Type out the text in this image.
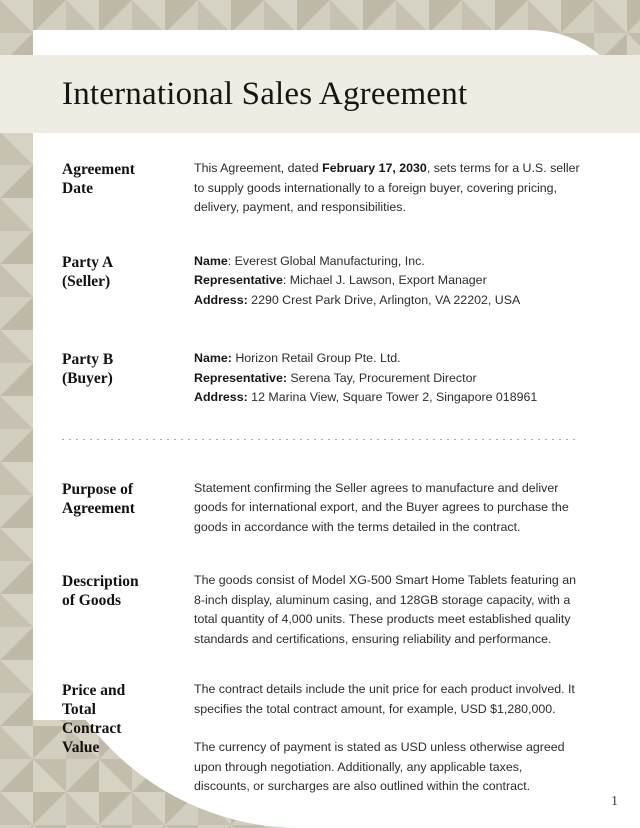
International Sales Agreement
Agreement
Date

This Agreement, dated February 17, 2030, sets terms for a U.S. seller to supply goods internationally to a foreign buyer, covering pricing, delivery, payment, and responsibilities.

Party A
(Seller)
Name: Everest Global Manufacturing, Inc.
Representative: Michael J. Lawson, Export Manager
Address: 2290 Crest Park Drive, Arlington, VA 22202, USA
Party B
(Buyer)
Name: Horizon Retail Group Pte. Ltd.
Representative: Serena Tay, Procurement Director
Address: 12 Marina View, Square Tower 2, Singapore 018961
Purpose of
Agreement

Statement confirming the Seller agrees to manufacture and deliver goods for international export, and the Buyer agrees to purchase the goods in accordance with the terms detailed in the contract.

Description
of Goods

The goods consist of Model XG-500 Smart Home Tablets featuring an 8-inch display, aluminum casing, and 128GB storage capacity, with a total quantity of 4,000 units. These products meet established quality standards and certifications, ensuring reliability and performance.

Price and
Total
Contract
Value

The contract details include the unit price for each product involved. It specifies the total contract amount, for example, USD $1,280,000.

The currency of payment is stated as USD unless otherwise agreed upon through negotiation. Additionally, any applicable taxes, discounts, or surcharges are also outlined within the contract.

1
